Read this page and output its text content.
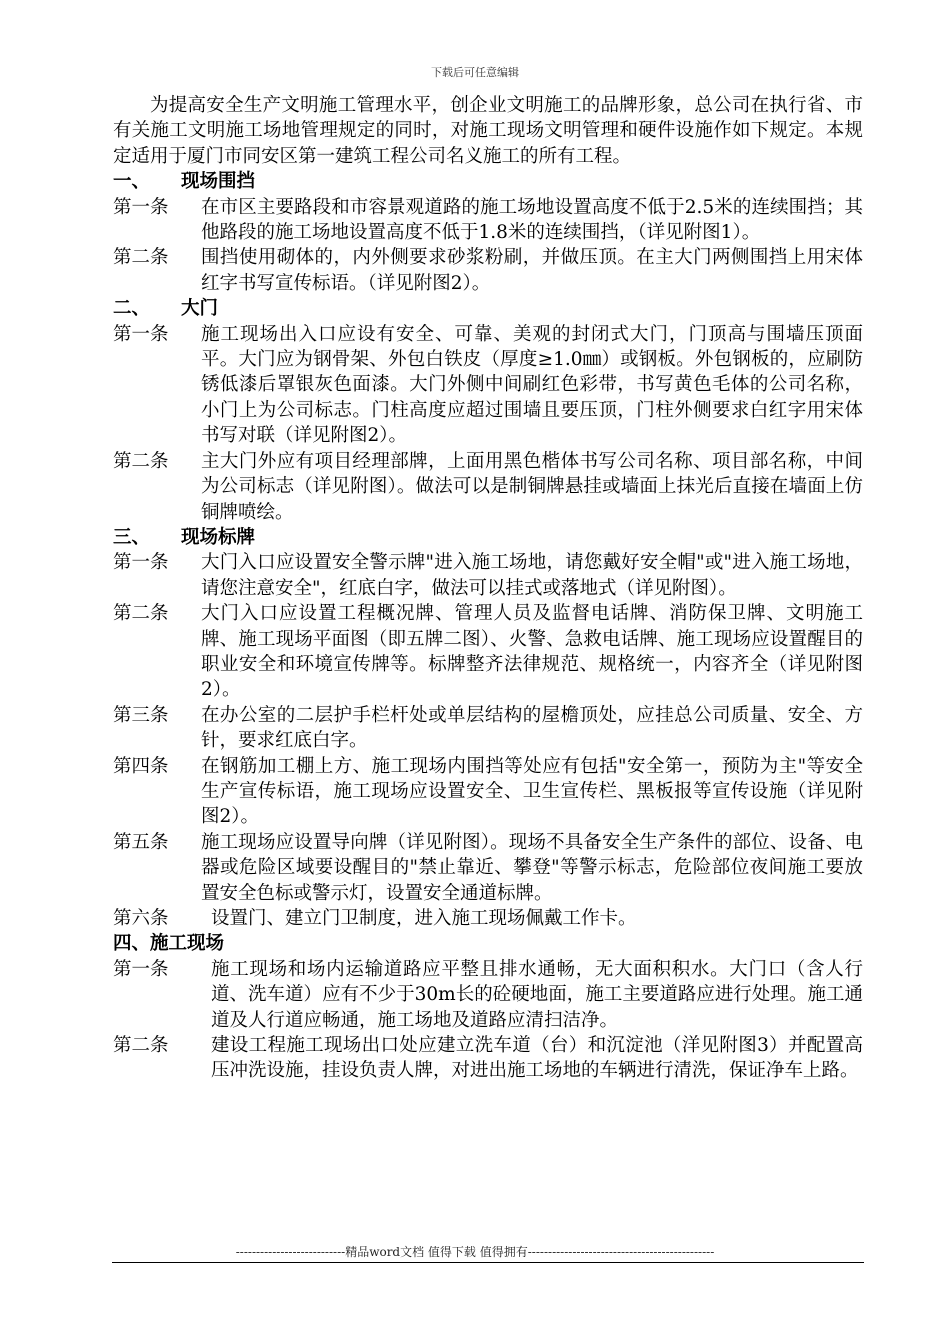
下载后可任意编辑

为提高安全生产文明施工管理水平，创企业文明施工的品牌形象，总公司在执行省、市有关施工文明施工场地管理规定的同时，对施工现场文明管理和硬件设施作如下规定。本规定适用于厦门市同安区第一建筑工程公司名义施工的所有工程。

一、 现场围挡

第一条	在市区主要路段和市容景观道路的施工场地设置高度不低于2.5米的连续围挡；其他路段的施工场地设置高度不低于1.8米的连续围挡，（详见附图1）。
第二条	围挡使用砌体的，内外侧要求砂浆粉刷，并做压顶。在主大门两侧围挡上用宋体红字书写宣传标语。（详见附图2）。

二、 大门

第一条	施工现场出入口应设有安全、可靠、美观的封闭式大门，门顶高与围墙压顶面平。大门应为钢骨架、外包白铁皮（厚度≥1.0㎜）或钢板。外包钢板的，应刷防锈低漆后罩银灰色面漆。大门外侧中间刷红色彩带，书写黄色毛体的公司名称，小门上为公司标志。门柱高度应超过围墙且要压顶，门柱外侧要求白红字用宋体书写对联（详见附图2）。
第二条	主大门外应有项目经理部牌，上面用黑色楷体书写公司名称、项目部名称，中间为公司标志（详见附图）。做法可以是制铜牌悬挂或墙面上抹光后直接在墙面上仿铜牌喷绘。

三、 现场标牌

第一条	大门入口应设置安全警示牌"进入施工场地，请您戴好安全帽"或"进入施工场地，请您注意安全"，红底白字，做法可以挂式或落地式（详见附图）。
第二条	大门入口应设置工程概况牌、管理人员及监督电话牌、消防保卫牌、文明施工牌、施工现场平面图（即五牌二图）、火警、急救电话牌、施工现场应设置醒目的职业安全和环境宣传牌等。标牌整齐法律规范、规格统一，内容齐全（详见附图2）。
第三条	在办公室的二层护手栏杆处或单层结构的屋檐顶处，应挂总公司质量、安全、方针，要求红底白字。
第四条	在钢筋加工棚上方、施工现场内围挡等处应有包括"安全第一，预防为主"等安全生产宣传标语，施工现场应设置安全、卫生宣传栏、黑板报等宣传设施（详见附图2）。
第五条	施工现场应设置导向牌（详见附图）。现场不具备安全生产条件的部位、设备、电器或危险区域要设醒目的"禁止靠近、攀登"等警示标志，危险部位夜间施工要放置安全色标或警示灯，设置安全通道标牌。
第六条	设置门、建立门卫制度，进入施工现场佩戴工作卡。

四、施工现场

第一条	施工现场和场内运输道路应平整且排水通畅，无大面积积水。大门口（含人行道、洗车道）应有不少于30m长的砼硬地面，施工主要道路应进行处理。施工通道及人行道应畅通，施工场地及道路应清扫洁净。
第二条	建设工程施工现场出口处应建立洗车道（台）和沉淀池（洋见附图3）并配置高压冲洗设施，挂设负责人牌，对进出施工场地的车辆进行清洗，保证净车上路。
---------------------------精品word文档 值得下载 值得拥有----------------------------------------------
